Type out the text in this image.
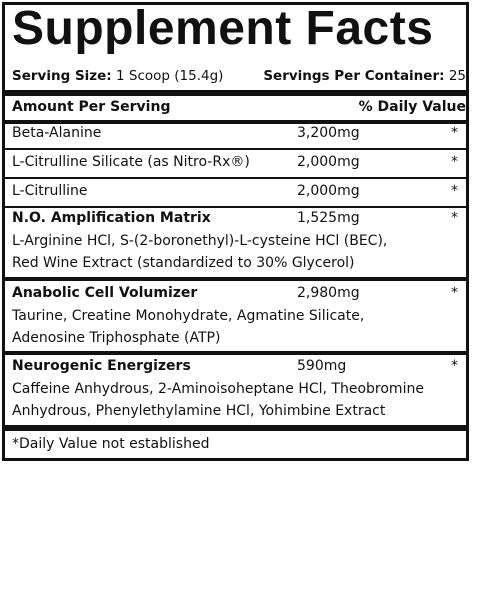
Supplement Facts
Serving Size: 1 Scoop (15.4g)	Servings Per Container: 25
Amount Per Serving	% Daily Value
Beta-Alanine	3,200mg	*
L-Citrulline Silicate (as Nitro-Rx®)	2,000mg	*
L-Citrulline	2,000mg	*
N.O. Amplification Matrix	1,525mg	*
L-Arginine HCl, S-(2-boronethyl)-L-cysteine HCl (BEC),
Red Wine Extract (standardized to 30% Glycerol)
Anabolic Cell Volumizer	2,980mg	*
Taurine, Creatine Monohydrate, Agmatine Silicate,
Adenosine Triphosphate (ATP)
Neurogenic Energizers	590mg	*
Caffeine Anhydrous, 2-Aminoisoheptane HCl, Theobromine
Anhydrous, Phenylethylamine HCl, Yohimbine Extract
*Daily Value not established
